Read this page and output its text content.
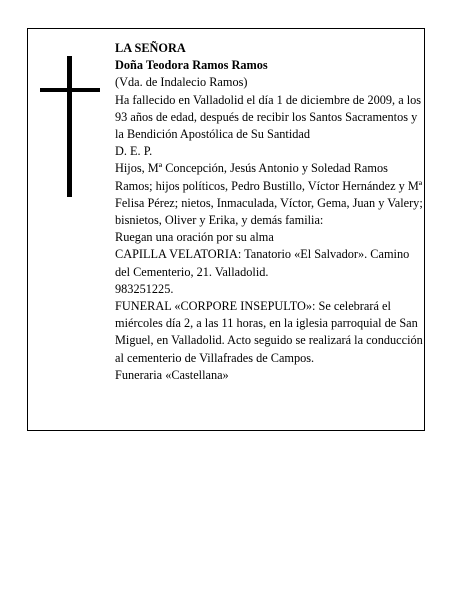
LA SEÑORA

Doña Teodora Ramos Ramos

(Vda. de Indalecio Ramos)

Ha fallecido en Valladolid el día 1 de diciembre de 2009, a los 93 años de edad, después de recibir los Santos Sacramentos y la Bendición Apostólica de Su Santidad

D. E. P.

Hijos, Mª Concepción, Jesús Antonio y Soledad Ramos Ramos; hijos políticos, Pedro Bustillo, Víctor Hernández y Mª Felisa Pérez; nietos, Inmaculada, Víctor, Gema, Juan y Valery; bisnietos, Oliver y Erika, y demás familia:

Ruegan una oración por su alma

CAPILLA VELATORIA: Tanatorio «El Salvador». Camino del Cementerio, 21. Valladolid.

983251225.

FUNERAL «CORPORE INSEPULTO»: Se celebrará el miércoles día 2, a las 11 horas, en la iglesia parroquial de San Miguel, en Valladolid. Acto seguido se realizará la conducción al cementerio de Villafrades de Campos.

Funeraria «Castellana»
